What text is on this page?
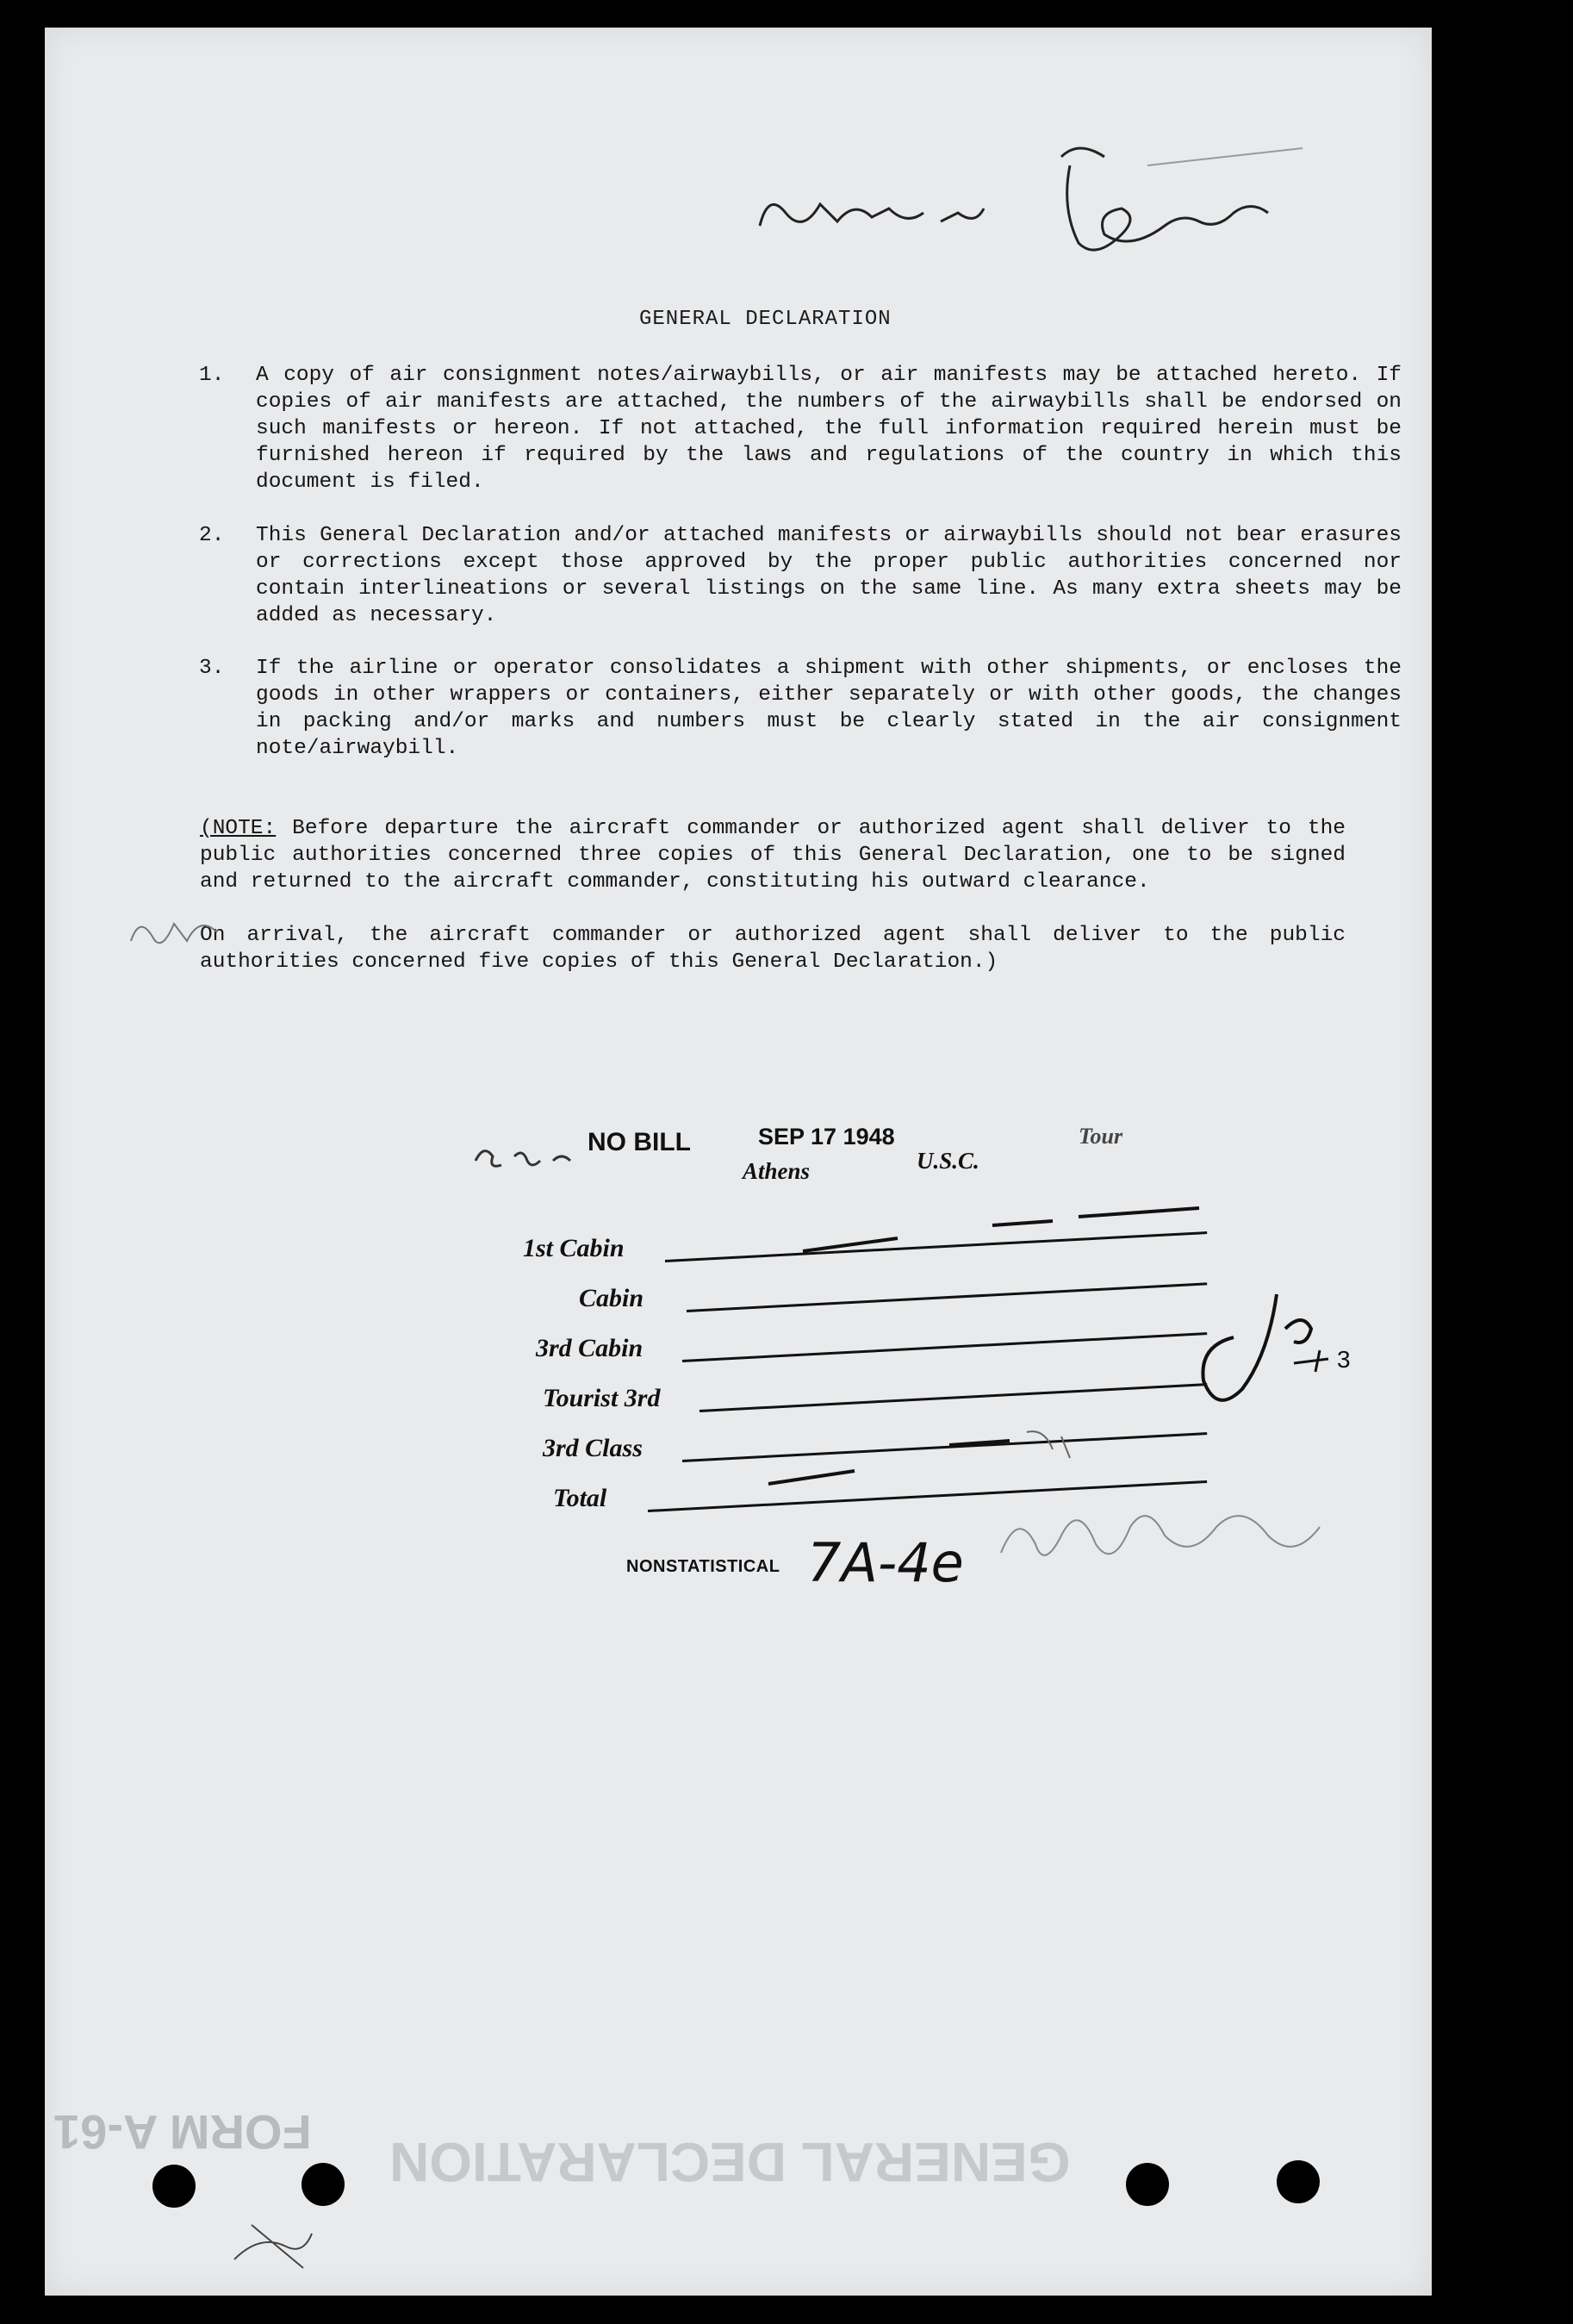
GENERAL DECLARATION
FORM A-61
GENERAL DECLARATION
1. A copy of air consignment notes/airwaybills, or air manifests may be attached hereto. If copies of air manifests are attached, the numbers of the airwaybills shall be endorsed on such manifests or hereon. If not attached, the full information required herein must be furnished hereon if required by the laws and regulations of the country in which this document is filed.
2. This General Declaration and/or attached manifests or airwaybills should not bear erasures or corrections except those approved by the proper public authorities concerned nor contain interlineations or several listings on the same line. As many extra sheets may be added as necessary.
3. If the airline or operator consolidates a shipment with other shipments, or encloses the goods in other wrappers or containers, either separately or with other goods, the changes in packing and/or marks and numbers must be clearly stated in the air consignment note/airwaybill.
(NOTE: Before departure the aircraft commander or authorized agent shall deliver to the public authorities concerned three copies of this General Declaration, one to be signed and returned to the aircraft commander, constituting his outward clearance.
On arrival, the aircraft commander or authorized agent shall deliver to the public authorities concerned five copies of this General Declaration.)
NO BILL	SEP 17 1948
Athens	U.S.C.
Tour
1st Cabin
Cabin
3rd Cabin
Tourist 3rd
3rd Class
Total
3
NONSTATISTICAL 7A-4e
